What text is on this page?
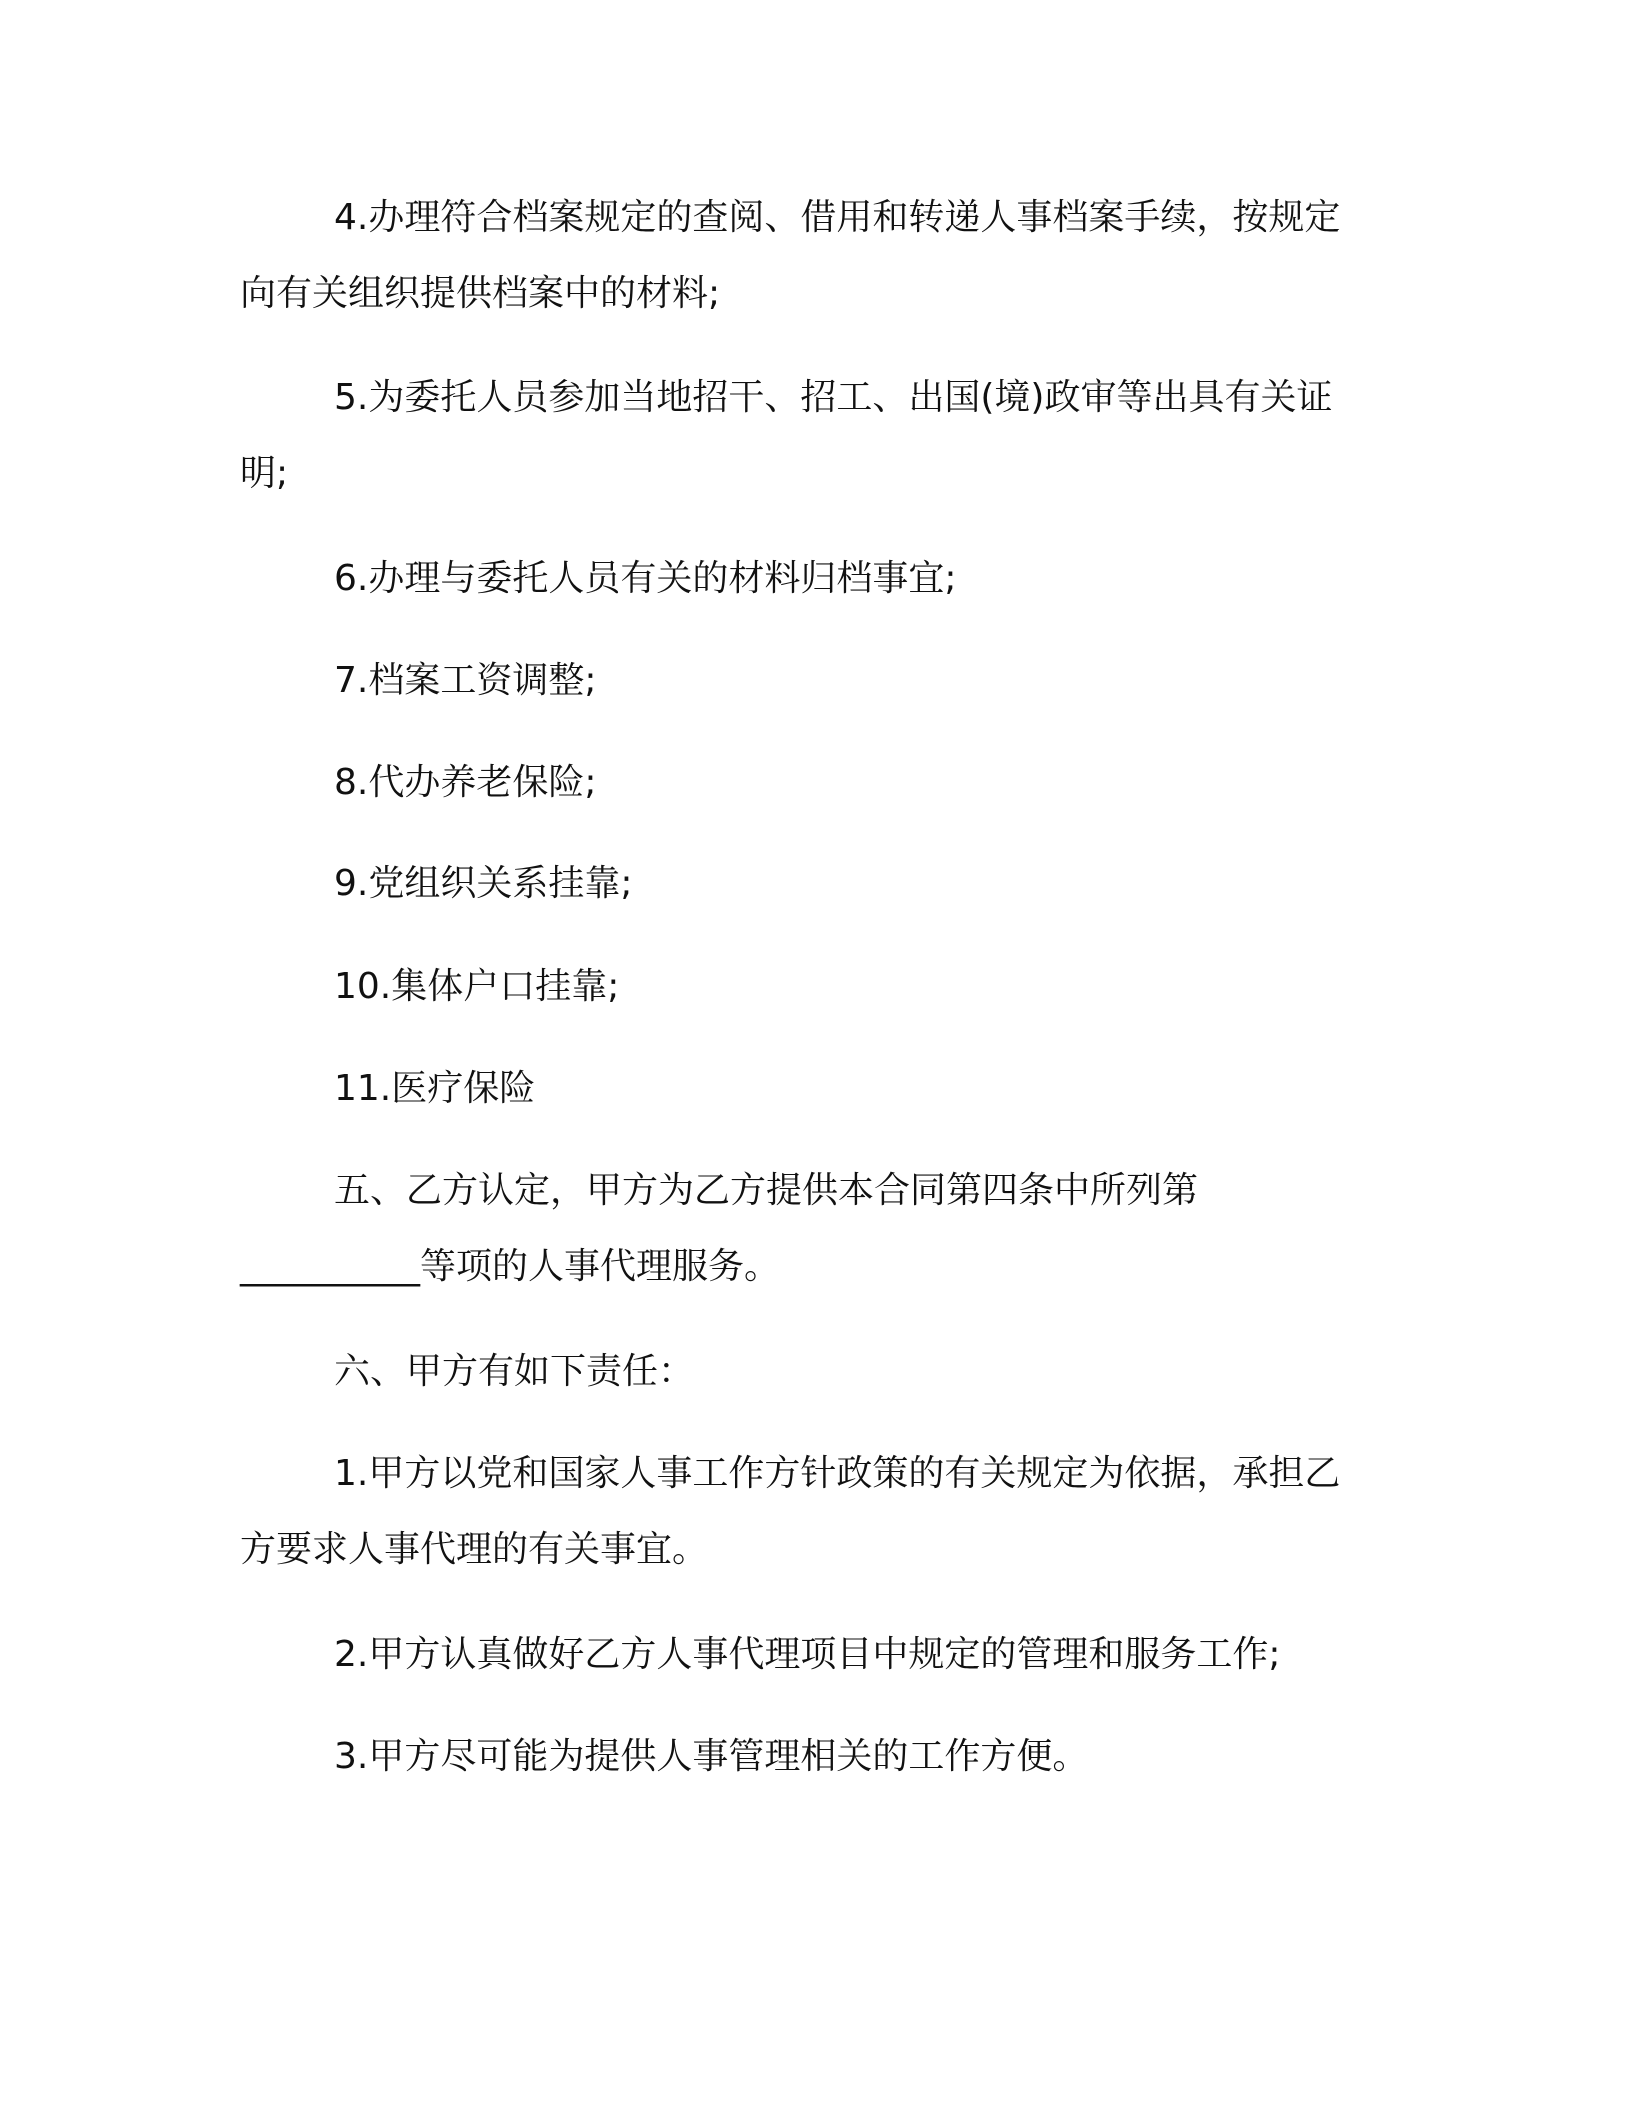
4.办理符合档案规定的查阅、借用和转递人事档案手续，按规定
向有关组织提供档案中的材料;

5.为委托人员参加当地招干、招工、出国(境)政审等出具有关证
明;

6.办理与委托人员有关的材料归档事宜;

7.档案工资调整;

8.代办养老保险;

9.党组织关系挂靠;

10.集体户口挂靠;

11.医疗保险

五、乙方认定，甲方为乙方提供本合同第四条中所列第
__________等项的人事代理服务。

六、甲方有如下责任：

1.甲方以党和国家人事工作方针政策的有关规定为依据，承担乙
方要求人事代理的有关事宜。

2.甲方认真做好乙方人事代理项目中规定的管理和服务工作;

3.甲方尽可能为提供人事管理相关的工作方便。
